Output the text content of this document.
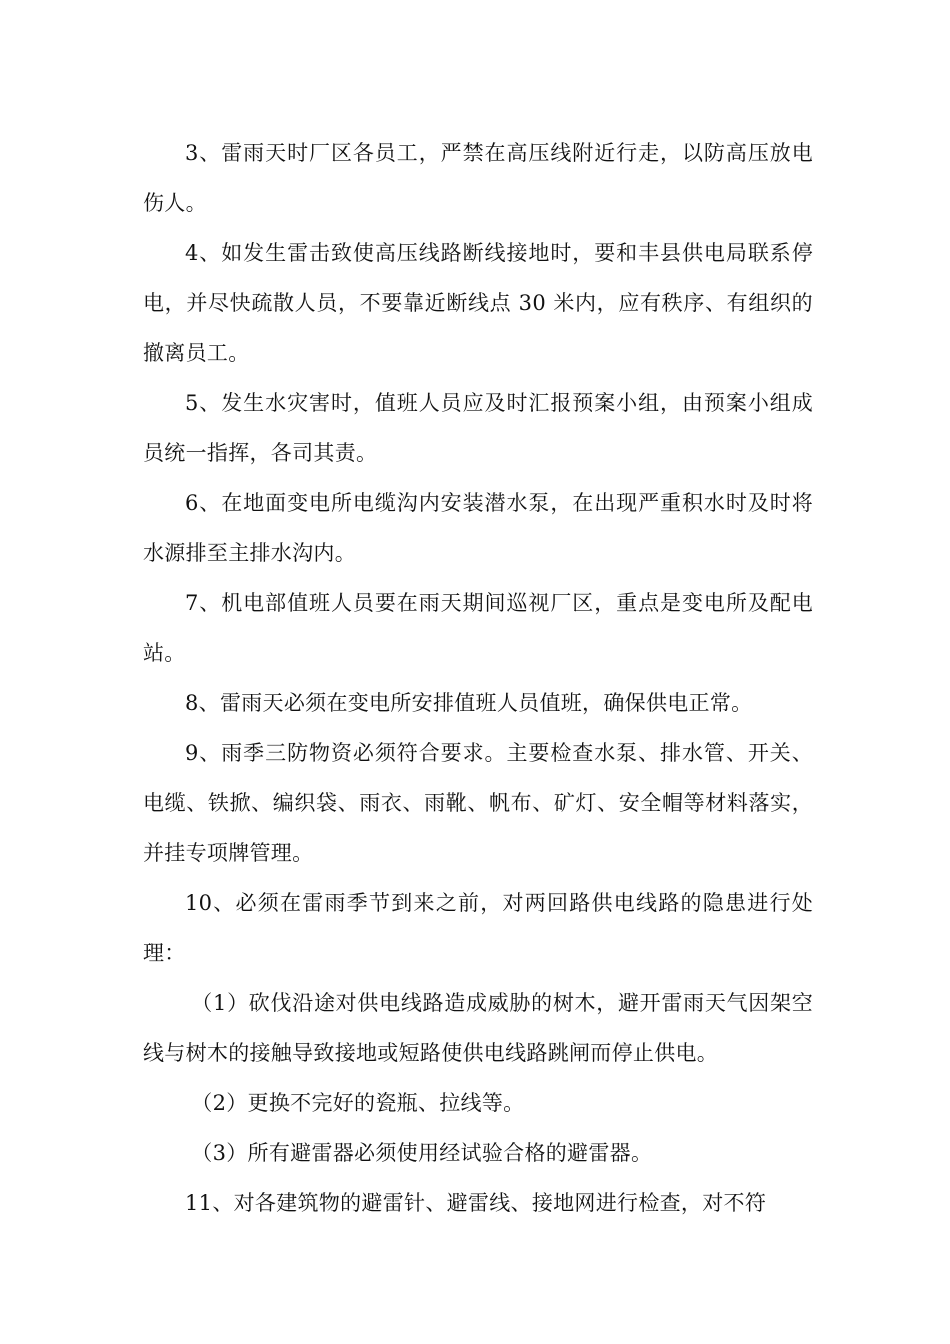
3、雷雨天时厂区各员工，严禁在高压线附近行走，以防高压放电伤人。

4、如发生雷击致使高压线路断线接地时，要和丰县供电局联系停电，并尽快疏散人员，不要靠近断线点 30 米内，应有秩序、有组织的撤离员工。

5、发生水灾害时，值班人员应及时汇报预案小组，由预案小组成员统一指挥，各司其责。

6、在地面变电所电缆沟内安装潜水泵，在出现严重积水时及时将水源排至主排水沟内。

7、机电部值班人员要在雨天期间巡视厂区，重点是变电所及配电站。

8、雷雨天必须在变电所安排值班人员值班，确保供电正常。

9、雨季三防物资必须符合要求。主要检查水泵、排水管、开关、电缆、铁掀、编织袋、雨衣、雨靴、帆布、矿灯、安全帽等材料落实，并挂专项牌管理。

10、必须在雷雨季节到来之前，对两回路供电线路的隐患进行处理：

（1）砍伐沿途对供电线路造成威胁的树木，避开雷雨天气因架空线与树木的接触导致接地或短路使供电线路跳闸而停止供电。

（2）更换不完好的瓷瓶、拉线等。

（3）所有避雷器必须使用经试验合格的避雷器。

11、对各建筑物的避雷针、避雷线、接地网进行检查，对不符
